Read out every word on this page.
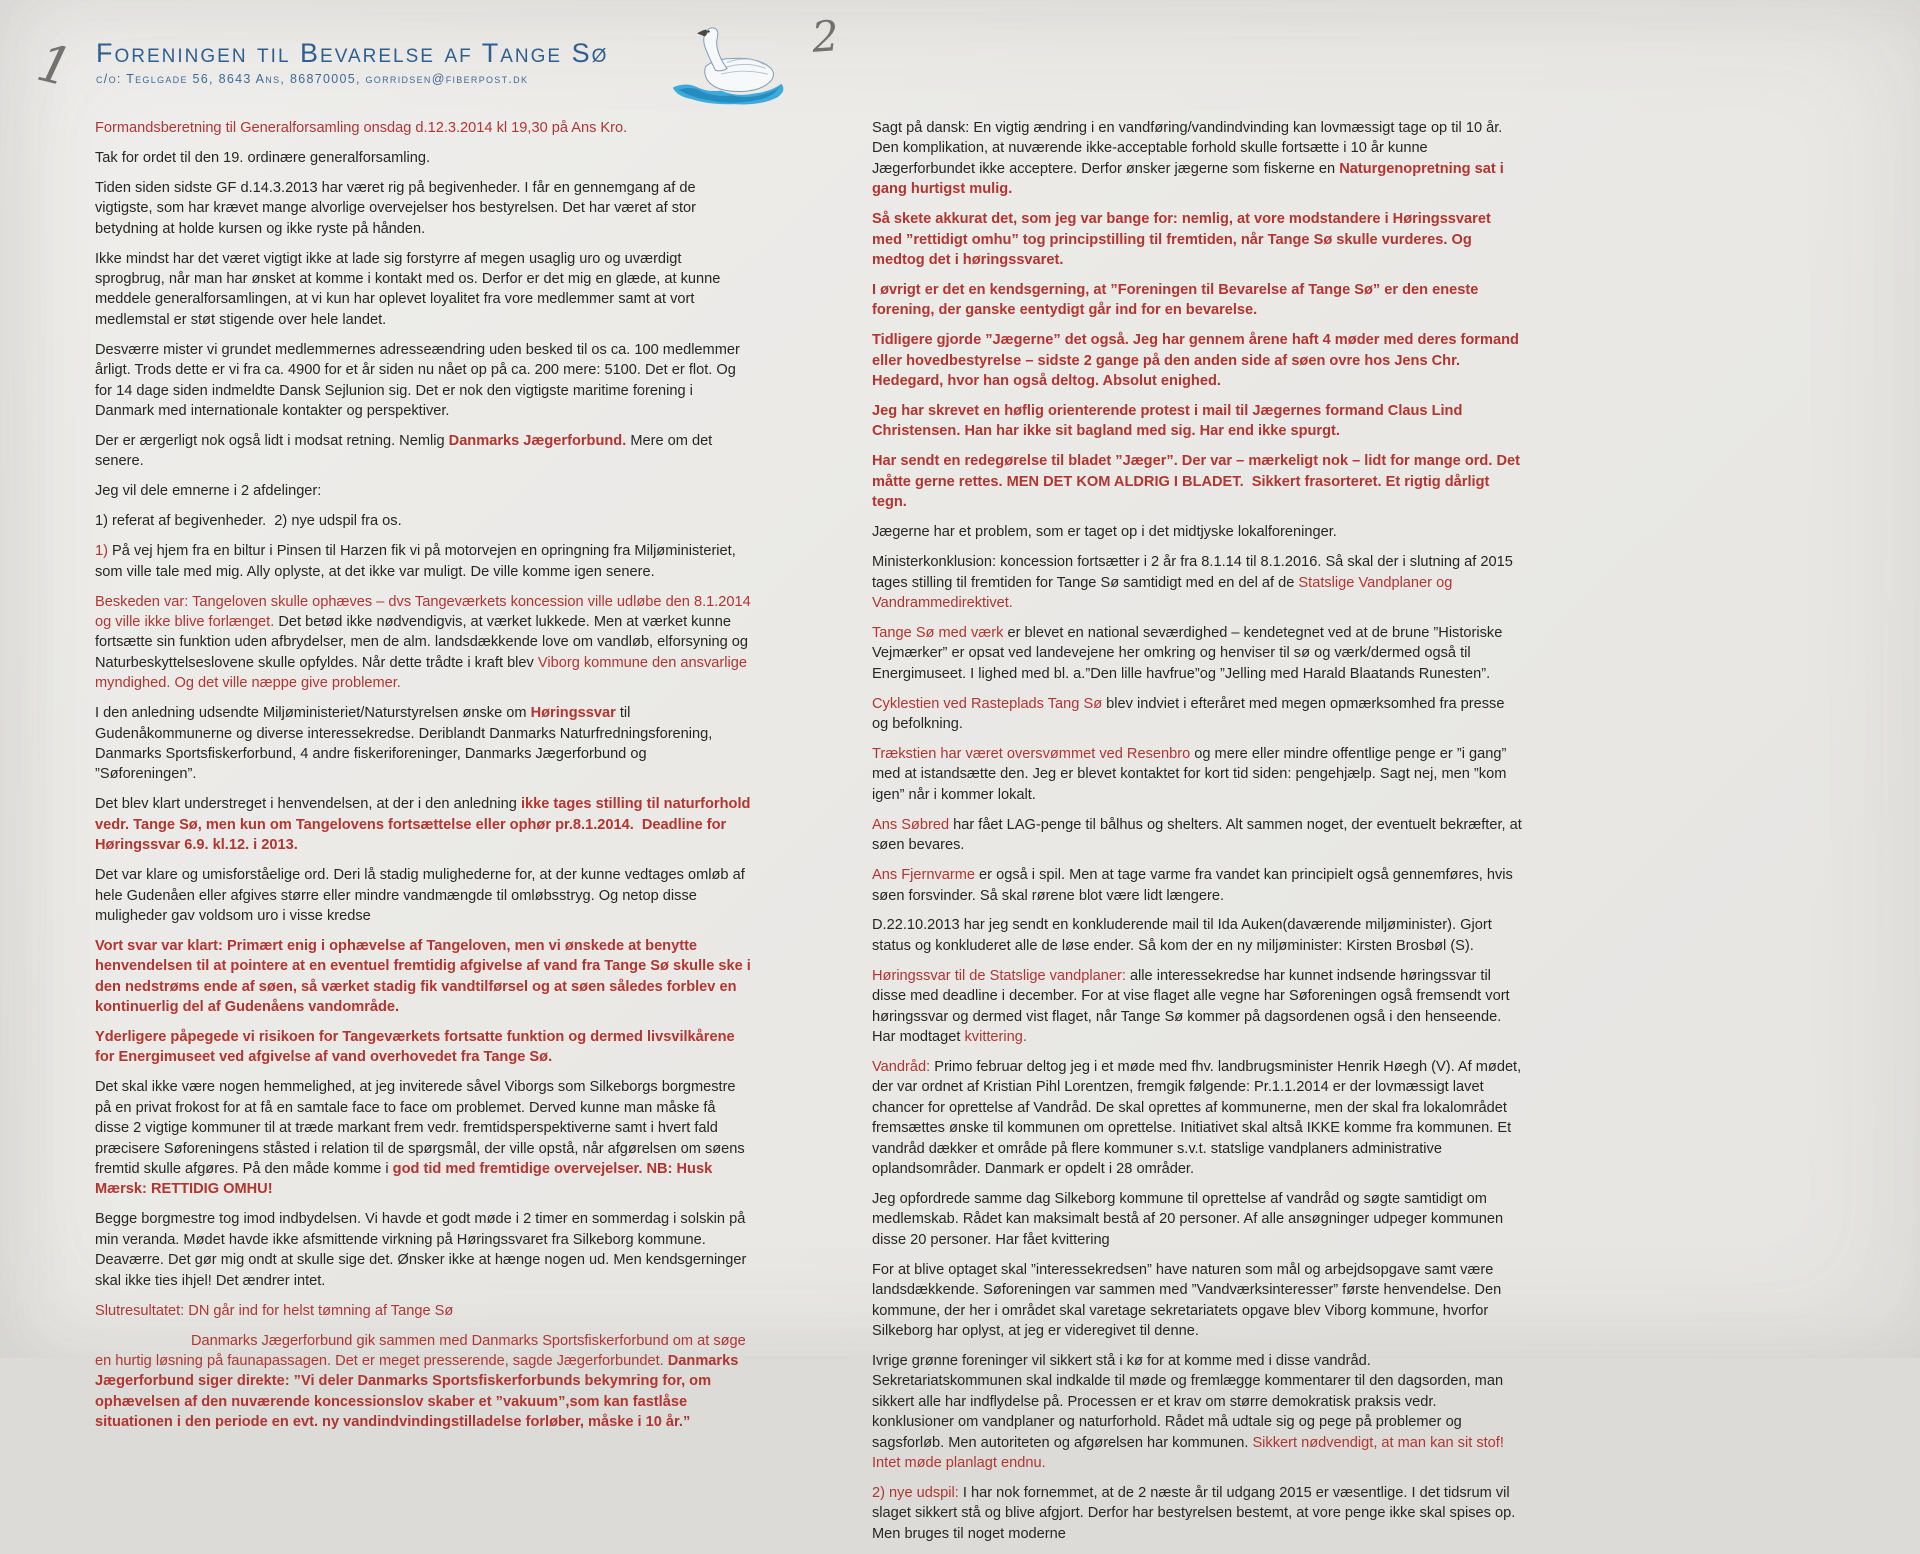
1	2
Foreningen til Bevarelse af Tange Sø
c/o: Teglgade 56, 8643 Ans, 86870005, gorridsen@fiberpost.dk

Formandsberetning til Generalforsamling onsdag d.12.3.2014 kl 19,30 på Ans Kro.

Tak for ordet til den 19. ordinære generalforsamling.

Tiden siden sidste GF d.14.3.2013 har været rig på begivenheder. I får en gennemgang af de vigtigste, som har krævet mange alvorlige overvejelser hos bestyrelsen. Det har været af stor betydning at holde kursen og ikke ryste på hånden.

Ikke mindst har det været vigtigt ikke at lade sig forstyrre af megen usaglig uro og uværdigt sprogbrug, når man har ønsket at komme i kontakt med os. Derfor er det mig en glæde, at kunne meddele generalforsamlingen, at vi kun har oplevet loyalitet fra vore medlemmer samt at vort medlemstal er støt stigende over hele landet.

Desværre mister vi grundet medlemmernes adresseændring uden besked til os ca. 100 medlemmer årligt. Trods dette er vi fra ca. 4900 for et år siden nu nået op på ca. 200 mere: 5100. Det er flot. Og for 14 dage siden indmeldte Dansk Sejlunion sig. Det er nok den vigtigste maritime forening i Danmark med internationale kontakter og perspektiver.

Der er ærgerligt nok også lidt i modsat retning. Nemlig Danmarks Jægerforbund. Mere om det senere.

Jeg vil dele emnerne i 2 afdelinger:

1) referat af begivenheder.  2) nye udspil fra os.

1) På vej hjem fra en biltur i Pinsen til Harzen fik vi på motorvejen en opringning fra Miljøministeriet, som ville tale med mig. Ally oplyste, at det ikke var muligt. De ville komme igen senere.

Beskeden var: Tangeloven skulle ophæves – dvs Tangeværkets koncession ville udløbe den 8.1.2014 og ville ikke blive forlænget. Det betød ikke nødvendigvis, at værket lukkede. Men at værket kunne fortsætte sin funktion uden afbrydelser, men de alm. landsdækkende love om vandløb, elforsyning og Naturbeskyttelseslovene skulle opfyldes. Når dette trådte i kraft blev Viborg kommune den ansvarlige myndighed. Og det ville næppe give problemer.

I den anledning udsendte Miljøministeriet/Naturstyrelsen ønske om Høringssvar til Gudenåkommunerne og diverse interessekredse. Deriblandt Danmarks Naturfredningsforening, Danmarks Sportsfiskerforbund, 4 andre fiskeriforeninger, Danmarks Jægerforbund og ”Søforeningen”.

Det blev klart understreget i henvendelsen, at der i den anledning ikke tages stilling til naturforhold vedr. Tange Sø, men kun om Tangelovens fortsættelse eller ophør pr.8.1.2014.  Deadline for Høringssvar 6.9. kl.12. i 2013.

Det var klare og umisforståelige ord. Deri lå stadig mulighederne for, at der kunne vedtages omløb af hele Gudenåen eller afgives større eller mindre vandmængde til omløbsstryg. Og netop disse muligheder gav voldsom uro i visse kredse

Vort svar var klart: Primært enig i ophævelse af Tangeloven, men vi ønskede at benytte henvendelsen til at pointere at en eventuel fremtidig afgivelse af vand fra Tange Sø skulle ske i den nedstrøms ende af søen, så værket stadig fik vandtilførsel og at søen således forblev en kontinuerlig del af Gudenåens vandområde.

Yderligere påpegede vi risikoen for Tangeværkets fortsatte funktion og dermed livsvilkårene for Energimuseet ved afgivelse af vand overhovedet fra Tange Sø.

Det skal ikke være nogen hemmelighed, at jeg inviterede såvel Viborgs som Silkeborgs borgmestre på en privat frokost for at få en samtale face to face om problemet. Derved kunne man måske få disse 2 vigtige kommuner til at træde markant frem vedr. fremtidsperspektiverne samt i hvert fald præcisere Søforeningens ståsted i relation til de spørgsmål, der ville opstå, når afgørelsen om søens fremtid skulle afgøres. På den måde komme i god tid med fremtidige overvejelser. NB: Husk Mærsk: RETTIDIG OMHU!

Begge borgmestre tog imod indbydelsen. Vi havde et godt møde i 2 timer en sommerdag i solskin på min veranda. Mødet havde ikke afsmittende virkning på Høringssvaret fra Silkeborg kommune. Deaværre. Det gør mig ondt at skulle sige det. Ønsker ikke at hænge nogen ud. Men kendsgerninger skal ikke ties ihjel! Det ændrer intet.

Slutresultatet: DN går ind for helst tømning af Tange Sø

Danmarks Jægerforbund gik sammen med Danmarks Sportsfiskerforbund om at søge en hurtig løsning på faunapassagen. Det er meget presserende, sagde Jægerforbundet. Danmarks Jægerforbund siger direkte: ”Vi deler Danmarks Sportsfiskerforbunds bekymring for, om ophævelsen af den nuværende koncessionslov skaber et ”vakuum”,som kan fastlåse situationen i den periode en evt. ny vandindvindingstilladelse forløber, måske i 10 år.”

Sagt på dansk: En vigtig ændring i en vandføring/vandindvinding kan lovmæssigt tage op til 10 år. Den komplikation, at nuværende ikke-acceptable forhold skulle fortsætte i 10 år kunne Jægerforbundet ikke acceptere. Derfor ønsker jægerne som fiskerne en Naturgenopretning sat i gang hurtigst mulig.

Så skete akkurat det, som jeg var bange for: nemlig, at vore modstandere i Høringssvaret med ”rettidigt omhu” tog principstilling til fremtiden, når Tange Sø skulle vurderes. Og medtog det i høringssvaret.

I øvrigt er det en kendsgerning, at ”Foreningen til Bevarelse af Tange Sø” er den eneste forening, der ganske eentydigt går ind for en bevarelse.

Tidligere gjorde ”Jægerne” det også. Jeg har gennem årene haft 4 møder med deres formand eller hovedbestyrelse – sidste 2 gange på den anden side af søen ovre hos Jens Chr. Hedegard, hvor han også deltog. Absolut enighed.

Jeg har skrevet en høflig orienterende protest i mail til Jægernes formand Claus Lind Christensen. Han har ikke sit bagland med sig. Har end ikke spurgt.

Har sendt en redegørelse til bladet ”Jæger”. Der var – mærkeligt nok – lidt for mange ord. Det måtte gerne rettes. MEN DET KOM ALDRIG I BLADET.  Sikkert frasorteret. Et rigtig dårligt tegn.

Jægerne har et problem, som er taget op i det midtjyske lokalforeninger.

Ministerkonklusion: koncession fortsætter i 2 år fra 8.1.14 til 8.1.2016. Så skal der i slutning af 2015 tages stilling til fremtiden for Tange Sø samtidigt med en del af de Statslige Vandplaner og Vandrammedirektivet.

Tange Sø med værk er blevet en national seværdighed – kendetegnet ved at de brune ”Historiske Vejmærker” er opsat ved landevejene her omkring og henviser til sø og værk/dermed også til Energimuseet. I lighed med bl. a.”Den lille havfrue”og ”Jelling med Harald Blaatands Runesten”.

Cyklestien ved Rasteplads Tang Sø blev indviet i efteråret med megen opmærksomhed fra presse og befolkning.

Trækstien har været oversvømmet ved Resenbro og mere eller mindre offentlige penge er ”i gang” med at istandsætte den. Jeg er blevet kontaktet for kort tid siden: pengehjælp. Sagt nej, men ”kom igen” når i kommer lokalt.

Ans Søbred har fået LAG-penge til bålhus og shelters. Alt sammen noget, der eventuelt bekræfter, at søen bevares.

Ans Fjernvarme er også i spil. Men at tage varme fra vandet kan principielt også gennemføres, hvis søen forsvinder. Så skal rørene blot være lidt længere.

D.22.10.2013 har jeg sendt en konkluderende mail til Ida Auken(daværende miljøminister). Gjort status og konkluderet alle de løse ender. Så kom der en ny miljøminister: Kirsten Brosbøl (S).

Høringssvar til de Statslige vandplaner: alle interessekredse har kunnet indsende høringssvar til disse med deadline i december. For at vise flaget alle vegne har Søforeningen også fremsendt vort høringssvar og dermed vist flaget, når Tange Sø kommer på dagsordenen også i den henseende. Har modtaget kvittering.

Vandråd: Primo februar deltog jeg i et møde med fhv. landbrugsminister Henrik Høegh (V). Af mødet, der var ordnet af Kristian Pihl Lorentzen, fremgik følgende: Pr.1.1.2014 er der lovmæssigt lavet chancer for oprettelse af Vandråd. De skal oprettes af kommunerne, men der skal fra lokalområdet fremsættes ønske til kommunen om oprettelse. Initiativet skal altså IKKE komme fra kommunen. Et vandråd dækker et område på flere kommuner s.v.t. statslige vandplaners administrative oplandsområder. Danmark er opdelt i 28 områder.

Jeg opfordrede samme dag Silkeborg kommune til oprettelse af vandråd og søgte samtidigt om medlemskab. Rådet kan maksimalt bestå af 20 personer. Af alle ansøgninger udpeger kommunen disse 20 personer. Har fået kvittering

For at blive optaget skal ”interessekredsen” have naturen som mål og arbejdsopgave samt være landsdækkende. Søforeningen var sammen med ”Vandværksinteresser” første henvendelse. Den kommune, der her i området skal varetage sekretariatets opgave blev Viborg kommune, hvorfor Silkeborg har oplyst, at jeg er videregivet til denne.

Ivrige grønne foreninger vil sikkert stå i kø for at komme med i disse vandråd. Sekretariatskommunen skal indkalde til møde og fremlægge kommentarer til den dagsorden, man sikkert alle har indflydelse på. Processen er et krav om større demokratisk praksis vedr. konklusioner om vandplaner og naturforhold. Rådet må udtale sig og pege på problemer og sagsforløb. Men autoriteten og afgørelsen har kommunen. Sikkert nødvendigt, at man kan sit stof! Intet møde planlagt endnu.

2) nye udspil: I har nok fornemmet, at de 2 næste år til udgang 2015 er væsentlige. I det tidsrum vil slaget sikkert stå og blive afgjort. Derfor har bestyrelsen bestemt, at vore penge ikke skal spises op. Men bruges til noget moderne
